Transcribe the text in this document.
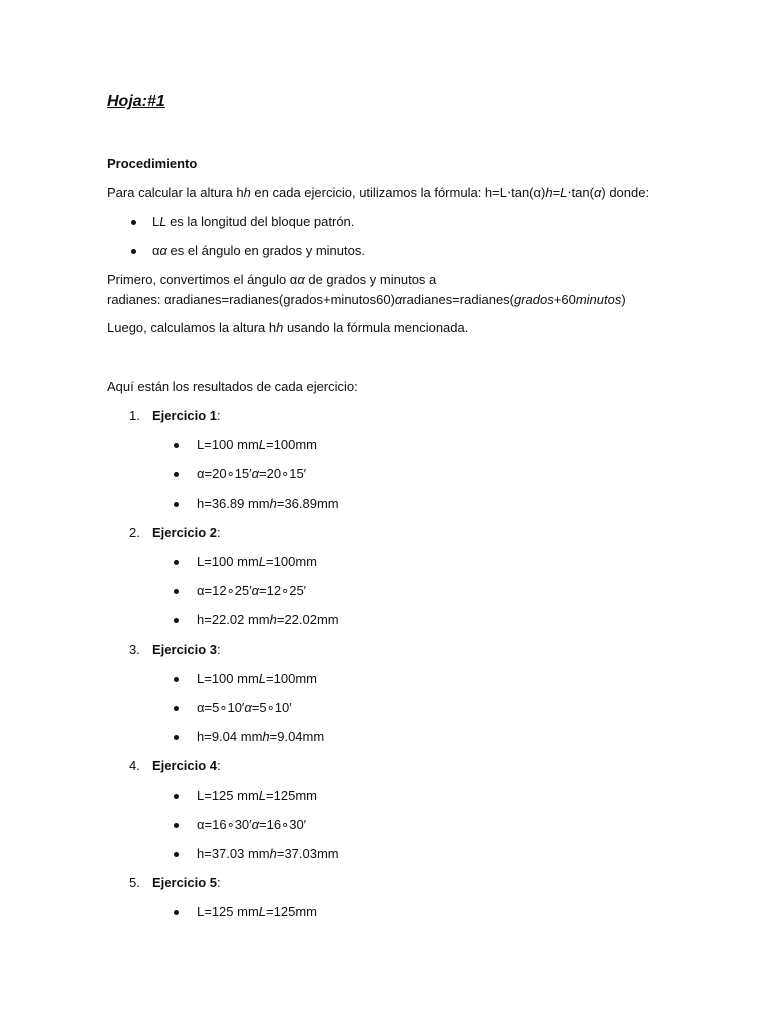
Hoja:#1
Procedimiento
Para calcular la altura hh en cada ejercicio, utilizamos la fórmula: h=L⋅tan(α)h=L⋅tan(α) donde:
LL es la longitud del bloque patrón.
αα es el ángulo en grados y minutos.
Primero, convertimos el ángulo αα de grados y minutos a
radianes: αradianes=radianes(grados+minutos60)αradianes=radianes(grados+60minutos)
Luego, calculamos la altura hh usando la fórmula mencionada.
Aquí están los resultados de cada ejercicio:
1. Ejercicio 1:
L=100 mmL=100mm
α=20∘15′α=20∘15′
h=36.89 mmh=36.89mm
2. Ejercicio 2:
L=100 mmL=100mm
α=12∘25′α=12∘25′
h=22.02 mmh=22.02mm
3. Ejercicio 3:
L=100 mmL=100mm
α=5∘10′α=5∘10′
h=9.04 mmh=9.04mm
4. Ejercicio 4:
L=125 mmL=125mm
α=16∘30′α=16∘30′
h=37.03 mmh=37.03mm
5. Ejercicio 5:
L=125 mmL=125mm
